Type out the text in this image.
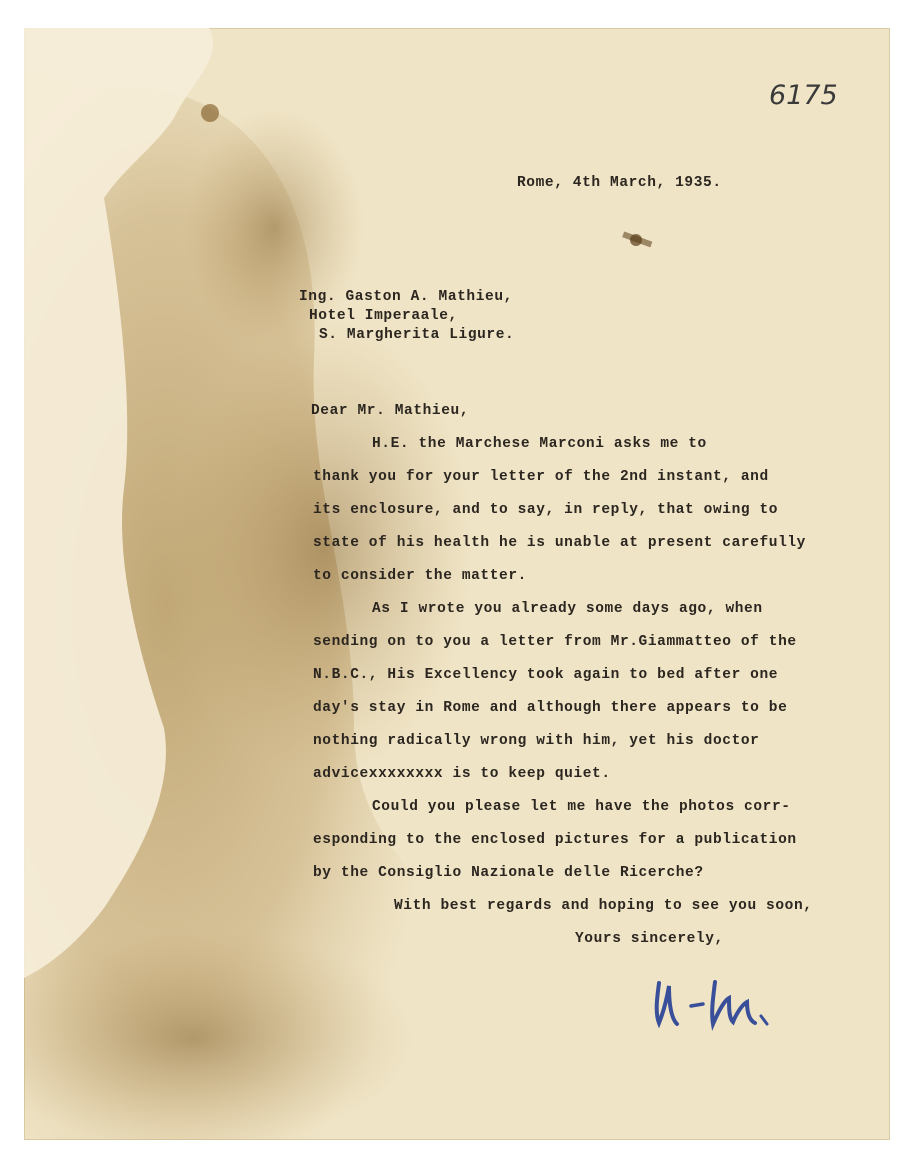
6175
Rome, 4th March, 1935.
Ing. Gaston A. Mathieu,
Hotel Imperaale,
S. Margherita Ligure.
Dear Mr. Mathieu,
H.E. the Marchese Marconi asks me to
thank you for your letter of the 2nd instant, and
its enclosure, and to say, in reply, that owing to
state of his health he is unable at present carefully
to consider the matter.
As I wrote you already some days ago, when
sending on to you a letter from Mr.Giammatteo of the
N.B.C., His Excellency took again to bed after one
day's stay in Rome and although there appears to be
nothing radically wrong with him, yet his doctor
advicexxxxxxxx is to keep quiet.
Could you please let me have the photos corr-
esponding to the enclosed pictures for a publication
by the Consiglio Nazionale delle Ricerche?
With best regards and hoping to see you soon,
Yours sincerely,
